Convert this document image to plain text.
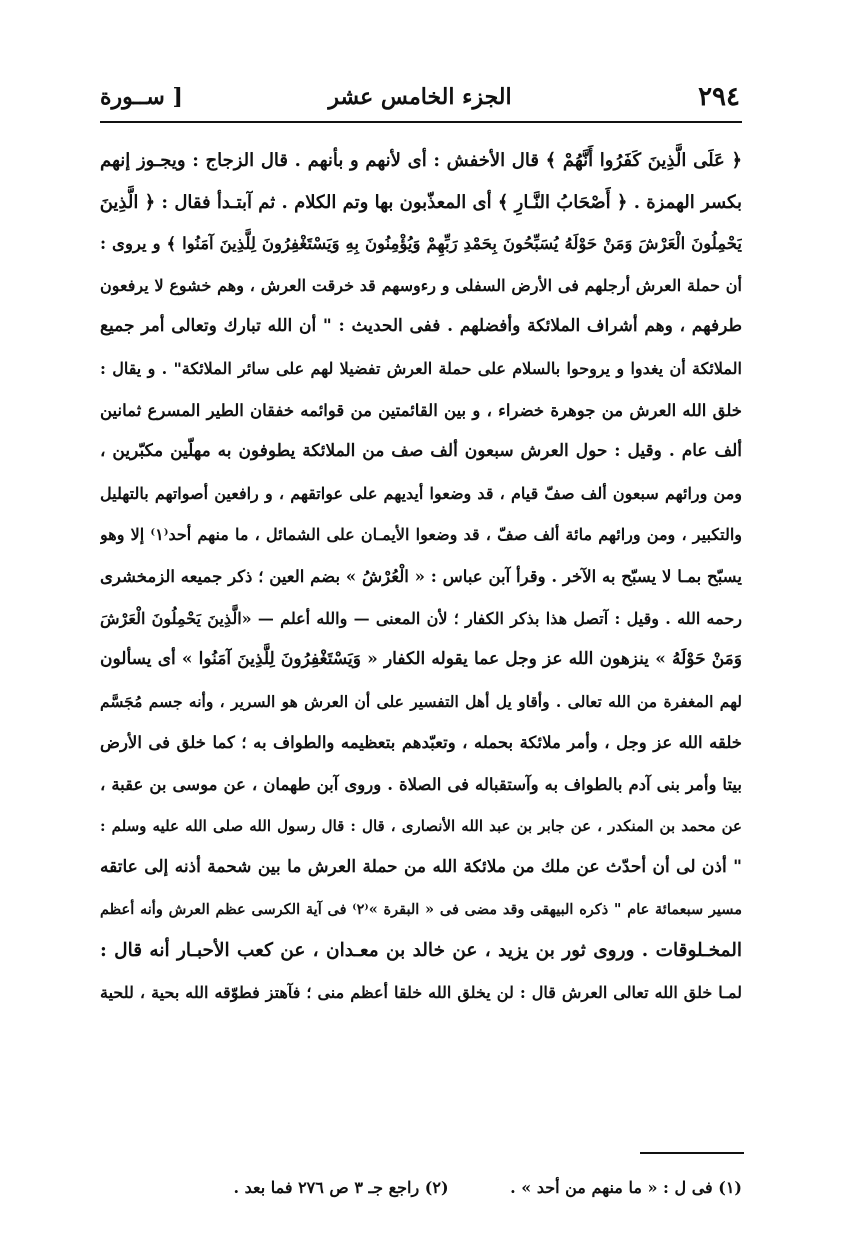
٢٩٤
الجزء الخامس عشر
[ ســورة
﴿ عَلَى الَّذِينَ كَفَرُوا أَنَّهُمْ ﴾ قال الأخفش : أى لأنهم و بأنهم . قال الزجاج : ويجـوز إنهم
بكسر الهمزة . ﴿ أَصْحَابُ النَّـارِ ﴾ أى المعذّبون بها وتم الكلام . ثم آبتـدأ فقال : ﴿ الَّذِينَ
يَحْمِلُونَ الْعَرْشَ وَمَنْ حَوْلَهُ يُسَبِّحُونَ بِحَمْدِ رَبِّهِمْ وَيُؤْمِنُونَ بِهِ وَيَسْتَغْفِرُونَ لِلَّذِينَ آمَنُوا ﴾ و يروى :
أن حملة العرش أرجلهم فى الأرض السفلى و رءوسهم قد خرقت العرش ، وهم خشوع لا يرفعون
طرفهم ، وهم أشراف الملائكة وأفضلهم . ففى الحديث : " أن الله تبارك وتعالى أمر جميع
الملائكة أن يغدوا و يروحوا بالسلام على حملة العرش تفضيلا لهم على سائر الملائكة" . و يقال :
خلق الله العرش من جوهرة خضراء ، و بين القائمتين من قوائمه خفقان الطير المسرع ثمانين
ألف عام . وقيل : حول العرش سبعون ألف صف من الملائكة يطوفون به مهلّين مكبّرين ،
ومن ورائهم سبعون ألف صفّ قيام ، قد وضعوا أيديهم على عواتقهم ، و رافعين أصواتهم بالتهليل
والتكبير ، ومن ورائهم مائة ألف صفّ ، قد وضعوا الأيمـان على الشمائل ، ما منهم أحد⁽١⁾ إلا وهو
يسبّح بمـا لا يسبّح به الآخر . وقرأ آبن عباس : « الْعُرْشُ » بضم العين ؛ ذكر جميعه الزمخشرى
رحمه الله . وقيل : آتصل هذا بذكر الكفار ؛ لأن المعنى — والله أعلم — «الَّذِينَ يَحْمِلُونَ الْعَرْشَ
وَمَنْ حَوْلَهُ » ينزهون الله عز وجل عما يقوله الكفار « وَيَسْتَغْفِرُونَ لِلَّذِينَ آمَنُوا » أى يسألون
لهم المغفرة من الله تعالى . وأقاو يل أهل التفسير على أن العرش هو السرير ، وأنه جسم مُجَسَّم
خلقه الله عز وجل ، وأمر ملائكة بحمله ، وتعبّدهم بتعظيمه والطواف به ؛ كما خلق فى الأرض
بيتا وأمر بنى آدم بالطواف به وآستقباله فى الصلاة . وروى آبن طهمان ، عن موسى بن عقبة ،
عن محمد بن المنكدر ، عن جابر بن عبد الله الأنصارى ، قال : قال رسول الله صلى الله عليه وسلم :
" أذن لى أن أحدّث عن ملك من ملائكة الله من حملة العرش ما بين شحمة أذنه إلى عاتقه
مسير سبعمائة عام " ذكره البيهقى وقد مضى فى « البقرة »⁽٢⁾ فى آية الكرسى عظم العرش وأنه أعظم
المخـلوقات . وروى ثور بن يزيد ، عن خالد بن معـدان ، عن كعب الأحبـار أنه قال :
لمـا خلق الله تعالى العرش قال : لن يخلق الله خلقا أعظم منى ؛ فآهتز فطوّقه الله بحية ، للحية
(١) فى ل : « ما منهم من أحد » . (٢) راجع جـ ٣ ص ٢٧٦ فما بعد .
